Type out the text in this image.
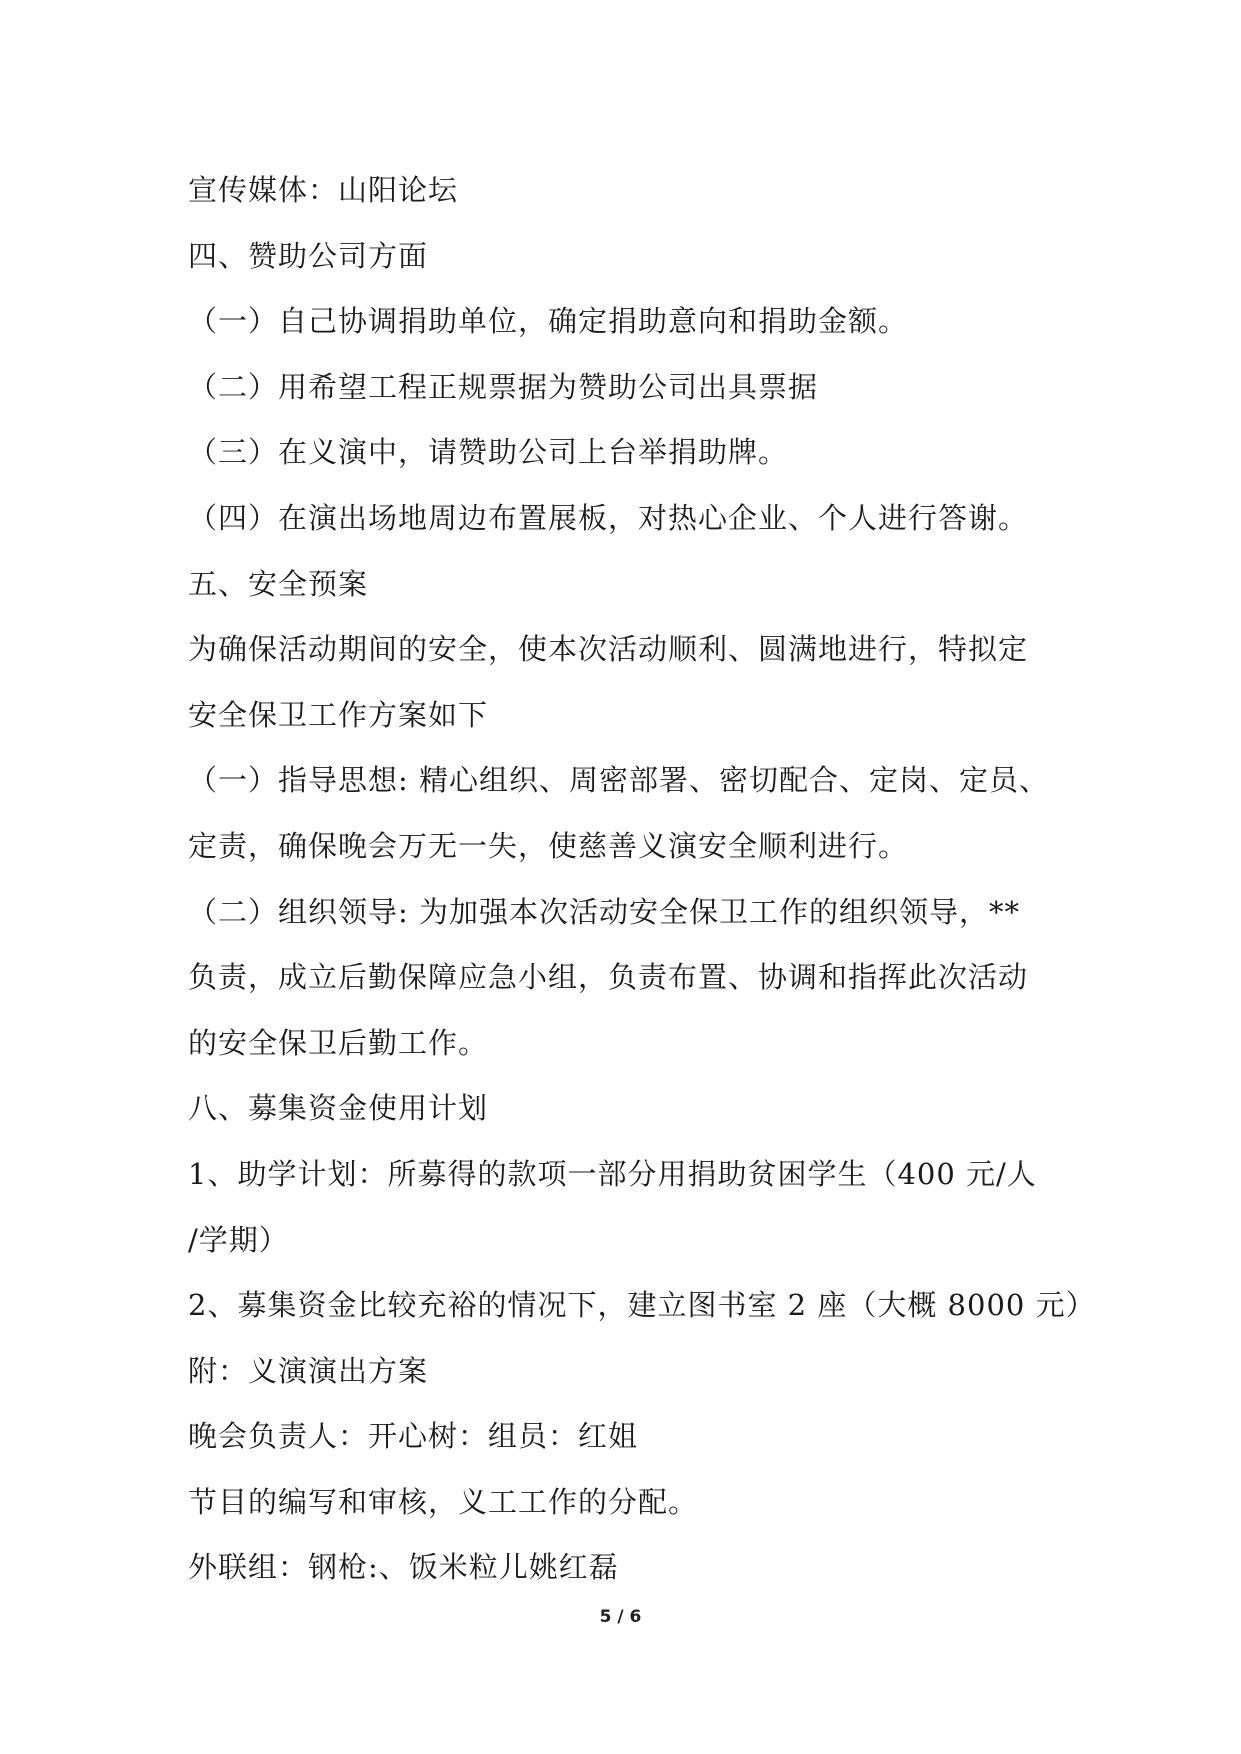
宣传媒体：山阳论坛
四、赞助公司方面
（一）自己协调捐助单位，确定捐助意向和捐助金额。
（二）用希望工程正规票据为赞助公司出具票据
（三）在义演中，请赞助公司上台举捐助牌。
（四）在演出场地周边布置展板，对热心企业、个人进行答谢。
五、安全预案
为确保活动期间的安全，使本次活动顺利、圆满地进行，特拟定
安全保卫工作方案如下
（一）指导思想: 精心组织、周密部署、密切配合、定岗、定员、
定责，确保晚会万无一失，使慈善义演安全顺利进行。
（二）组织领导: 为加强本次活动安全保卫工作的组织领导，**
负责，成立后勤保障应急小组，负责布置、协调和指挥此次活动
的安全保卫后勤工作。
八、募集资金使用计划
1、助学计划：所募得的款项一部分用捐助贫困学生（400 元/人
/学期）
2、募集资金比较充裕的情况下，建立图书室 2 座（大概 8000 元）
附：义演演出方案
晚会负责人：开心树：组员：红姐
节目的编写和审核，义工工作的分配。
外联组：钢枪:、饭米粒儿姚红磊
5 / 6
